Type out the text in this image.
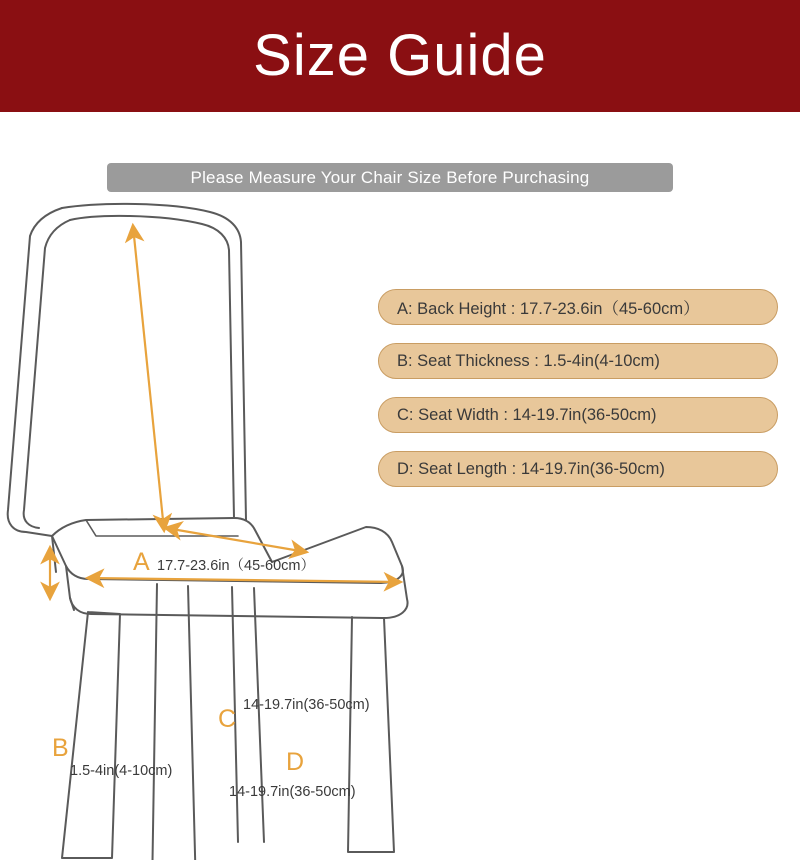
Size Guide
Please Measure Your Chair Size Before Purchasing
A: Back Height : 17.7-23.6in（45-60cm）
B: Seat Thickness : 1.5-4in(4-10cm)
C: Seat Width : 14-19.7in(36-50cm)
D: Seat Length : 14-19.7in(36-50cm)
A 17.7-23.6in（45-60cm）
B
1.5-4in(4-10cm)
C 14-19.7in(36-50cm)
D
14-19.7in(36-50cm)
